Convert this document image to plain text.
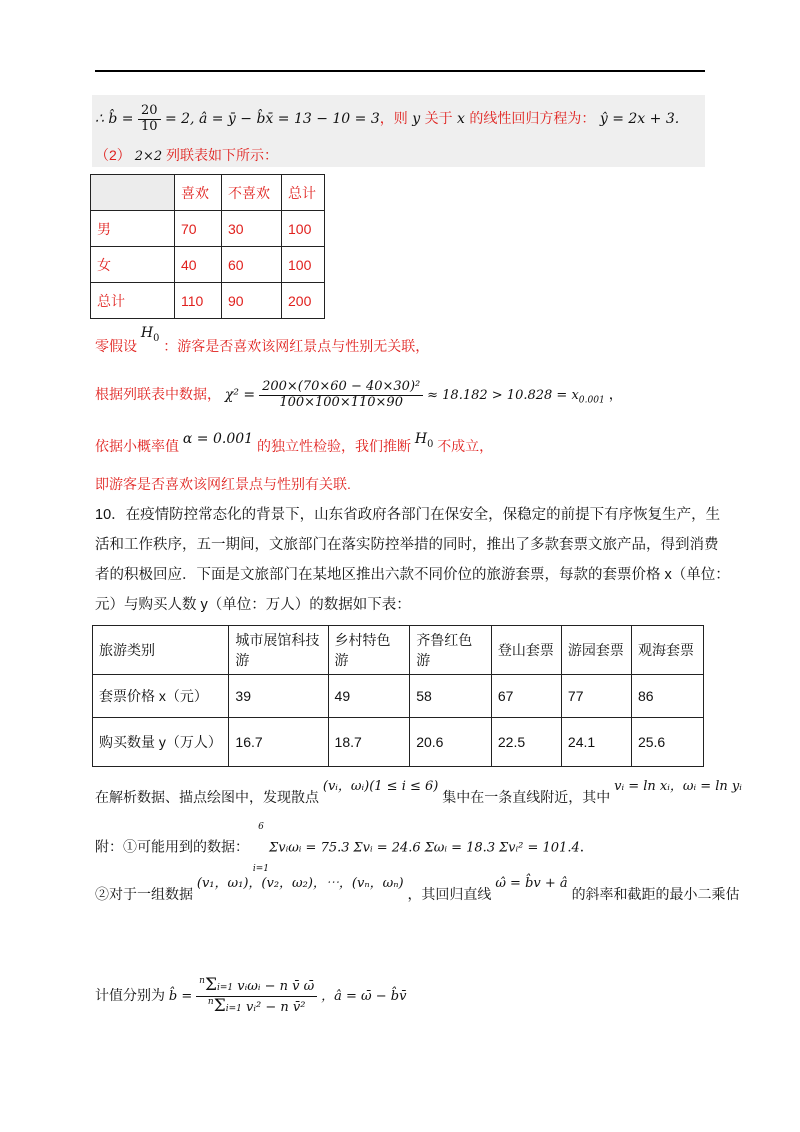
∴ b̂ = $\frac{20}{10} = 2$, â = ȳ − b̂x̄ = 13 − 10 = 3，则 y 关于 x 的线性回归方程为： ŷ = 2x + 3.
（2） 2×2 列联表如下所示：
	喜欢	不喜欢	总计
男	70	30	100
女	40	60	100
总计	110	90	200
零假设 $H_0$ ：游客是否喜欢该网红景点与性别无关联，
根据列联表中数据， $\chi^2 = \frac{\text{200×(70×60 − 40×30)²}}{100\times 100\times 110\times 90} \approx 18.182 > 10.828 = x_{0.001}$ ，
依据小概率值 α = 0.001 的独立性检验，我们推断 $H_0$ 不成立，
即游客是否喜欢该网红景点与性别有关联.
10．在疫情防控常态化的背景下，山东省政府各部门在保安全，保稳定的前提下有序恢复生产，生
活和工作秩序，五一期间，文旅部门在落实防控举措的同时，推出了多款套票文旅产品，得到消费
者的积极回应．下面是文旅部门在某地区推出六款不同价位的旅游套票，每款的套票价格 x（单位：
元）与购买人数 y（单位：万人）的数据如下表：
旅游类别	城市展馆科技游	乡村特色游	齐鲁红色游	登山套票	游园套票	观海套票
套票价格 x（元）	39	49	58	67	77	86
购买数量 y（万人）	16.7	18.7	20.6	22.5	24.1	25.6
在解析数据、描点绘图中，发现散点 (vᵢ，ωᵢ)(1 ≤ i ≤ 6) 集中在一条直线附近，其中 vᵢ = ln xᵢ，ωᵢ = ln yᵢ
附：①可能用到的数据： 6

i=1Σvᵢωᵢ = 75.3 Σvᵢ = 24.6 Σωᵢ = 18.3 Σvᵢ² = 101.4．
②对于一组数据 (v₁，ω₁)，(v₂，ω₂)，⋯，(vₙ，ωₙ) ，其回归直线 ω̂ = b̂v + â 的斜率和截距的最小二乘估
计值分别为 b̂ = $\frac{^n\Sigma i=1 vᵢ\omega ᵢ - n v̄ \omegā}{^n\Sigma i=1 vᵢ^2 - n v̄^2}$ ，â = ω̄ − b̂v̄
